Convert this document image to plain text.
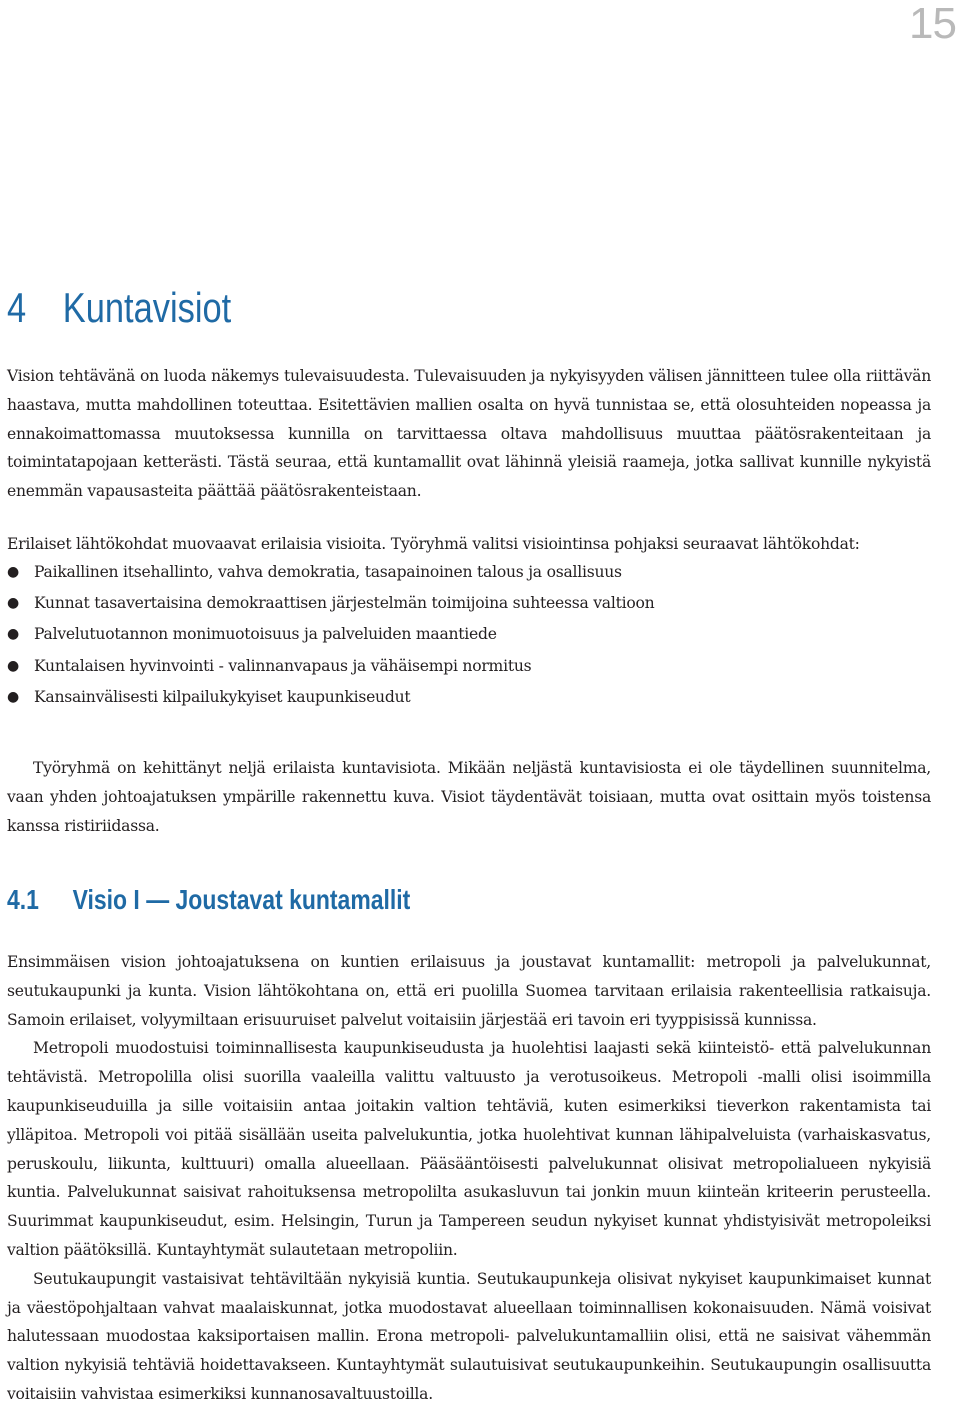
15
4 Kuntavisiot

Vision tehtävänä on luoda näkemys tulevaisuudesta. Tulevaisuuden ja nykyisyyden välisen jännitteen tulee olla riittävän haastava, mutta mahdollinen toteuttaa. Esitettävien mallien osalta on hyvä tunnistaa se, että olosuhteiden nopeassa ja ennakoimattomassa muutoksessa kunnilla on tarvittaessa oltava mahdollisuus muuttaa päätösrakenteitaan ja toimintatapojaan ketterästi. Tästä seuraa, että kuntamallit ovat lähinnä yleisiä raameja, jotka sallivat kunnille nykyistä enemmän vapausasteita päättää päätösrakenteistaan.

Erilaiset lähtökohdat muovaavat erilaisia visioita. Työryhmä valitsi visiointinsa pohjaksi seuraavat lähtökohdat:

● Paikallinen itsehallinto, vahva demokratia, tasapainoinen talous ja osallisuus
● Kunnat tasavertaisina demokraattisen järjestelmän toimijoina suhteessa valtioon
● Palvelutuotannon monimuotoisuus ja palveluiden maantiede
● Kuntalaisen hyvinvointi - valinnanvapaus ja vähäisempi normitus
● Kansainvälisesti kilpailukykyiset kaupunkiseudut

Työryhmä on kehittänyt neljä erilaista kuntavisiota. Mikään neljästä kuntavisiosta ei ole täydellinen suunnitelma, vaan yhden johtoajatuksen ympärille rakennettu kuva. Visiot täydentävät toisiaan, mutta ovat osittain myös toistensa kanssa ristiriidassa.

4.1 Visio I — Joustavat kuntamallit

Ensimmäisen vision johtoajatuksena on kuntien erilaisuus ja joustavat kuntamallit: metropoli ja palvelukunnat, seutukaupunki ja kunta. Vision lähtökohtana on, että eri puolilla Suomea tarvitaan erilaisia rakenteellisia ratkaisuja. Samoin erilaiset, volyymiltaan erisuuruiset palvelut voitaisiin järjestää eri tavoin eri tyyppisissä kunnissa.

Metropoli muodostuisi toiminnallisesta kaupunkiseudusta ja huolehtisi laajasti sekä kiinteistö- että palvelukunnan tehtävistä. Metropolilla olisi suorilla vaaleilla valittu valtuusto ja verotusoikeus. Metropoli -malli olisi isoimmilla kaupunkiseuduilla ja sille voitaisiin antaa joitakin valtion tehtäviä, kuten esimerkiksi tieverkon rakentamista tai ylläpitoa. Metropoli voi pitää sisällään useita palvelukuntia, jotka huolehtivat kunnan lähipalveluista (varhaiskasvatus, peruskoulu, liikunta, kulttuuri) omalla alueellaan. Pääsääntöisesti palvelukunnat olisivat metropolialueen nykyisiä kuntia. Palvelukunnat saisivat rahoituksensa metropolilta asukasluvun tai jonkin muun kiinteän kriteerin perusteella. Suurimmat kaupunkiseudut, esim. Helsingin, Turun ja Tampereen seudun nykyiset kunnat yhdistyisivät metropoleiksi valtion päätöksillä. Kuntayhtymät sulautetaan metropoliin.

Seutukaupungit vastaisivat tehtäviltään nykyisiä kuntia. Seutukaupunkeja olisivat nykyiset kaupunkimaiset kunnat ja väestöpohjaltaan vahvat maalaiskunnat, jotka muodostavat alueellaan toiminnallisen kokonaisuuden. Nämä voisivat halutessaan muodostaa kaksiportaisen mallin. Erona metropoli- palvelukuntamalliin olisi, että ne saisivat vähemmän valtion nykyisiä tehtäviä hoidettavakseen. Kuntayhtymät sulautuisivat seutukaupunkeihin. Seutukaupungin osallisuutta voitaisiin vahvistaa esimerkiksi kunnanosavaltuustoilla.
